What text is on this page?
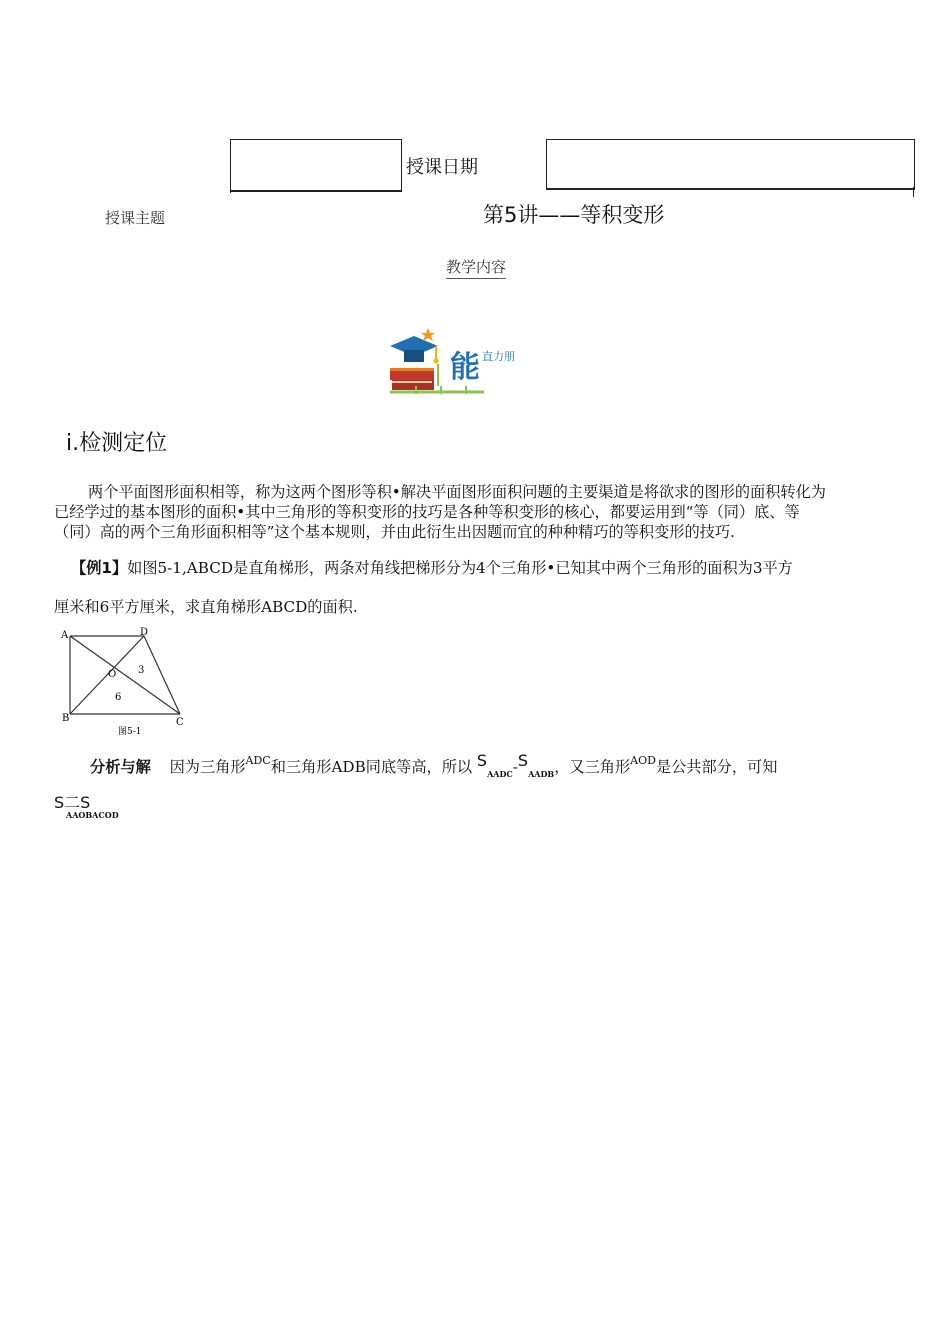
授课日期
授课主题	第5讲——等积变形
教学内容
能 直力朋
i.检测定位
两个平面图形面积相等，称为这两个图形等积•解决平面图形面积问题的主要渠道是将欲求的图形的面积转化为
已经学过的基本图形的面积•其中三角形的等积变形的技巧是各种等积变形的核心，都要运用到“等（同）底、等
（同）高的两个三角形面积相等”这个基本规则，并由此衍生出因题而宜的种种精巧的等积变形的技巧.
【例1】如图5-1,ABCD是直角梯形，两条对角线把梯形分为4个三角形•已知其中两个三角形的面积为3平方
厘米和6平方厘米，求直角梯形ABCD的面积.
A	D
B	C
O 3
6
图5-1
分析与解 因为三角形$^{ADC}$和三角形ADB同底等高，所以 $S_{AADC}-S_{AADB}$，又三角形$^{AOD}$是公共部分，可知
S二S
AAOBACOD
